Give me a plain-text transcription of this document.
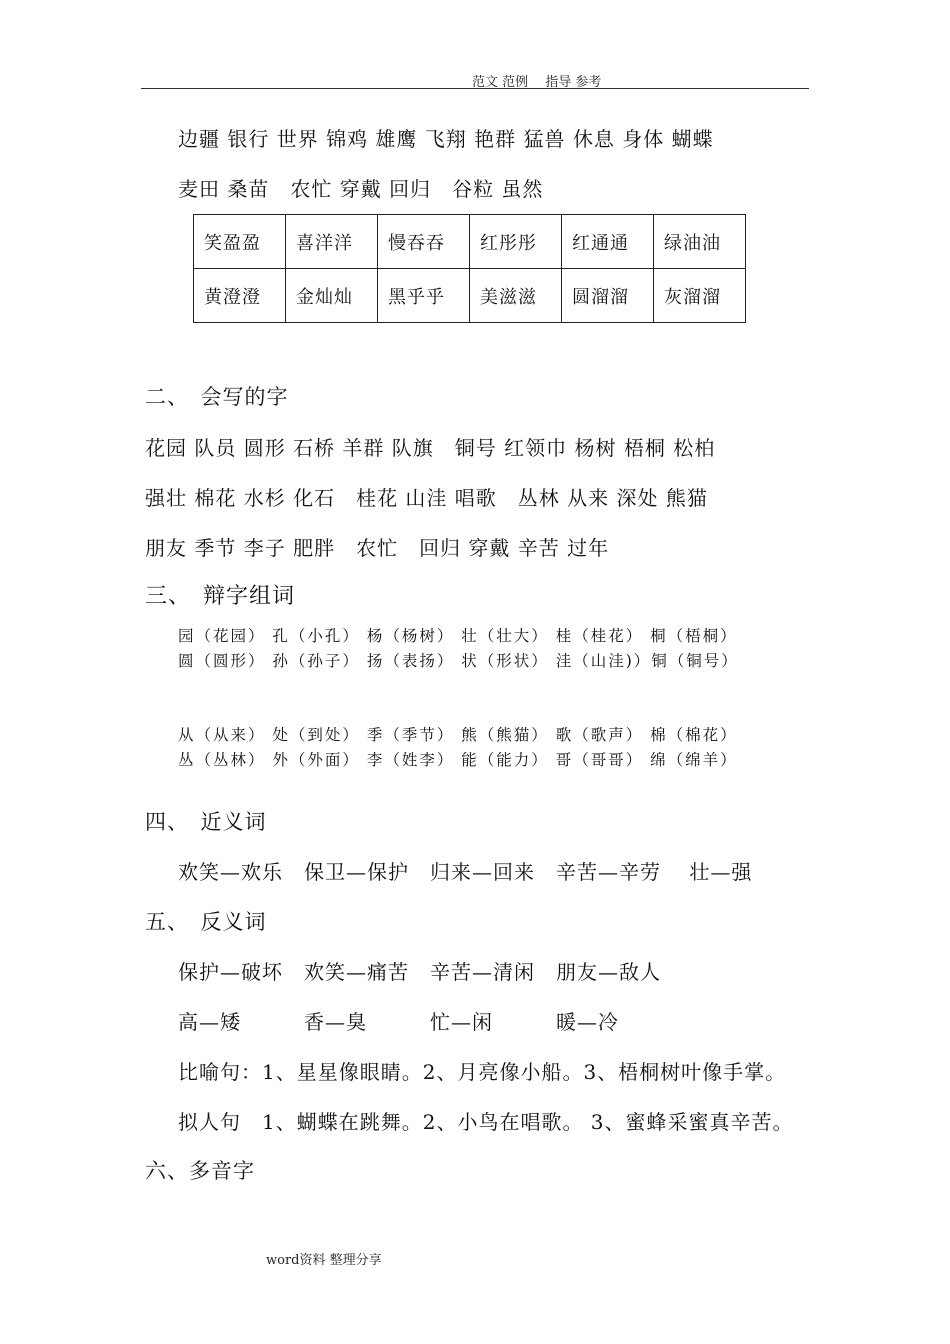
范文 范例　 指导 参考
边疆 银行 世界 锦鸡 雄鹰 飞翔 艳群 猛兽 休息 身体 蝴蝶
麦田 桑苗　农忙 穿戴 回归　谷粒 虽然
笑盈盈	喜洋洋	慢吞吞	红彤彤	红通通	绿油油
黄澄澄	金灿灿	黑乎乎	美滋滋	圆溜溜	灰溜溜
二、　会写的字
花园 队员 圆形 石桥 羊群 队旗　铜号 红领巾 杨树 梧桐 松柏
强壮 棉花 水杉 化石　桂花 山洼 唱歌　丛林 从来 深处 熊猫
朋友 季节 李子 肥胖　农忙　回归 穿戴 辛苦 过年
三、　辩字组词
园（花园） 孔（小孔） 杨（杨树） 壮（壮大） 桂（桂花） 桐（梧桐）
圆（圆形） 孙（孙子） 扬（表扬） 状（形状） 洼（山洼)）铜（铜号）
从（从来） 处（到处） 季（季节） 熊（熊猫） 歌（歌声） 棉（棉花）
丛（丛林） 外（外面） 李（姓李） 能（能力） 哥（哥哥） 绵（绵羊）
四、　近义词
欢笑—欢乐　保卫—保护　归来—回来　辛苦—辛劳　 壮—强
五、　反义词
保护—破坏　欢笑—痛苦　辛苦—清闲　朋友—敌人
高—矮　　　香—臭　　　忙—闲　　　暖—冷
比喻句：1、星星像眼睛。2、月亮像小船。3、梧桐树叶像手掌。
拟人句　1、蝴蝶在跳舞。2、小鸟在唱歌。 3、蜜蜂采蜜真辛苦。
六、多音字
word资料 整理分享
